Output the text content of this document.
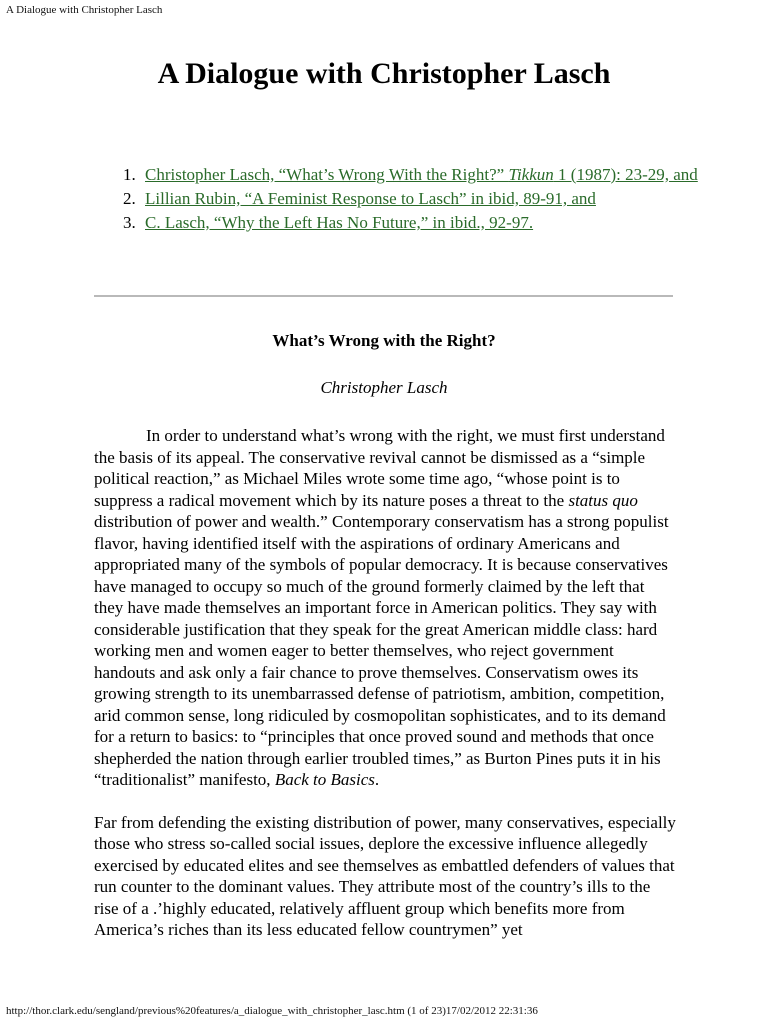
A Dialogue with Christopher Lasch
A Dialogue with Christopher Lasch
1. Christopher Lasch, “What’s Wrong With the Right?” Tikkun 1 (1987): 23-29, and
2. Lillian Rubin, “A Feminist Response to Lasch” in ibid, 89-91, and
3. C. Lasch, “Why the Left Has No Future,” in ibid., 92-97.
What’s Wrong with the Right?
Christopher Lasch

In order to understand what’s wrong with the right, we must first understand the basis of its appeal. The conservative revival cannot be dismissed as a “simple political reaction,” as Michael Miles wrote some time ago, “whose point is to suppress a radical movement which by its nature poses a threat to the status quo distribution of power and wealth.” Contemporary conservatism has a strong populist flavor, having identified itself with the aspirations of ordinary Americans and appropriated many of the symbols of popular democracy. It is because conservatives have managed to occupy so much of the ground formerly claimed by the left that they have made themselves an important force in American politics. They say with considerable justification that they speak for the great American middle class: hard working men and women eager to better themselves, who reject government handouts and ask only a fair chance to prove themselves. Conservatism owes its growing strength to its unembarrassed defense of patriotism, ambition, competition, arid common sense, long ridiculed by cosmopolitan sophisticates, and to its demand for a return to basics: to “principles that once proved sound and methods that once shepherded the nation through earlier troubled times,” as Burton Pines puts it in his “traditionalist” manifesto, Back to Basics.

Far from defending the existing distribution of power, many conservatives, especially those who stress so-called social issues, deplore the excessive influence allegedly exercised by educated elites and see themselves as embattled defenders of values that run counter to the dominant values. They attribute most of the country’s ills to the rise of a .’highly educated, relatively affluent group which benefits more from America’s riches than its less educated fellow countrymen” yet

http://thor.clark.edu/sengland/previous%20features/a_dialogue_with_christopher_lasc.htm (1 of 23)17/02/2012 22:31:36
